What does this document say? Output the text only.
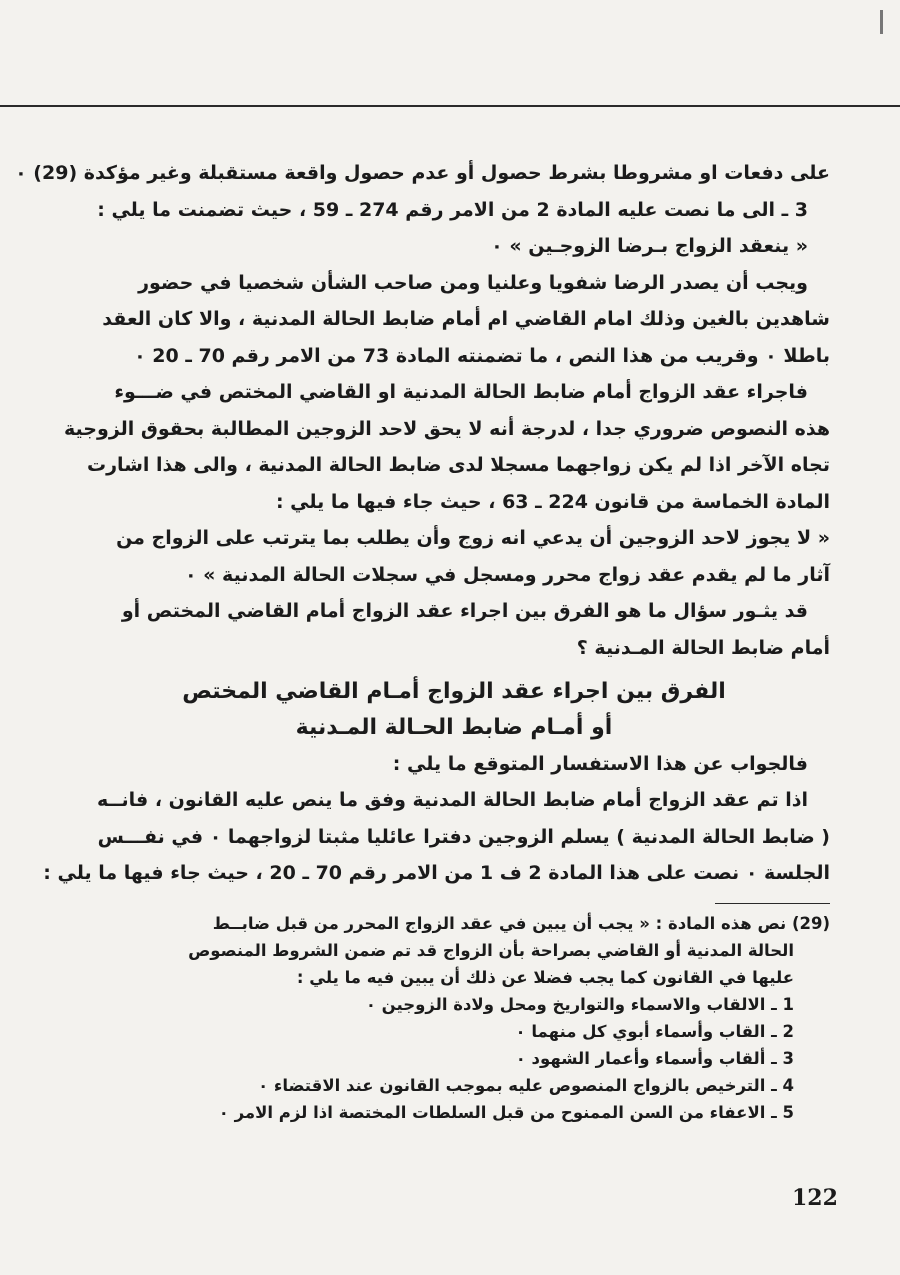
على دفعات او مشروطا بشرط حصول أو عدم حصول واقعة مستقبلة وغير مؤكدة (29) ٠
3 ـ الى ما نصت عليه المادة 2 من الامر رقم 274 ـ 59 ، حيث تضمنت ما يلي :
« ينعقد الزواج بـرضا الزوجـين » ٠
ويجب أن يصدر الرضا شفويا وعلنيا ومن صاحب الشأن شخصيا في حضور
شاهدين بالغين وذلك امام القاضي ام أمام ضابط الحالة المدنية ، والا كان العقد
باطلا ٠ وقريب من هذا النص ، ما تضمنته المادة 73 من الامر رقم 70 ـ 20 ٠
فاجراء عقد الزواج أمام ضابط الحالة المدنية او القاضي المختص في ضـــوء
هذه النصوص ضروري جدا ، لدرجة أنه لا يحق لاحد الزوجين المطالبة بحقوق الزوجية
تجاه الآخر اذا لم يكن زواجهما مسجلا لدى ضابط الحالة المدنية ، والى هذا اشارت
المادة الخماسة من قانون 224 ـ 63 ، حيث جاء فيها ما يلي :
« لا يجوز لاحد الزوجين أن يدعي انه زوج وأن يطلب بما يترتب على الزواج من
آثار ما لم يقدم عقد زواج محرر ومسجل في سجلات الحالة المدنية » ٠
قد يثـور سؤال ما هو الفرق بين اجراء عقد الزواج أمام القاضي المختص أو
أمام ضابط الحالة المـدنية ؟
الفرق بين اجراء عقد الزواج أمـام القاضي المختص
أو أمـام ضابط الحـالة المـدنية
فالجواب عن هذا الاستفسار المتوقع ما يلي :
اذا تم عقد الزواج أمام ضابط الحالة المدنية وفق ما ينص عليه القانون ، فانــه
( ضابط الحالة المدنية ) يسلم الزوجين دفترا عائليا مثبتا لزواجهما ٠ في نفـــس
الجلسة ٠ نصت على هذا المادة 2 ف 1 من الامر رقم 70 ـ 20 ، حيث جاء فيها ما يلي :
(29) نص هذه المادة : « يجب أن يبين في عقد الزواج المحرر من قبل ضابــط
الحالة المدنية أو القاضي بصراحة بأن الزواج قد تم ضمن الشروط المنصوص
عليها في القانون كما يجب فضلا عن ذلك أن يبين فيه ما يلي :
1 ـ الالقاب والاسماء والتواريخ ومحل ولادة الزوجين ٠
2 ـ القاب وأسماء أبوي كل منهما ٠
3 ـ ألقاب وأسماء وأعمار الشهود ٠
4 ـ الترخيص بالزواج المنصوص عليه بموجب القانون عند الاقتضاء ٠
5 ـ الاعفاء من السن الممنوح من قبل السلطات المختصة اذا لزم الامر ٠
122
